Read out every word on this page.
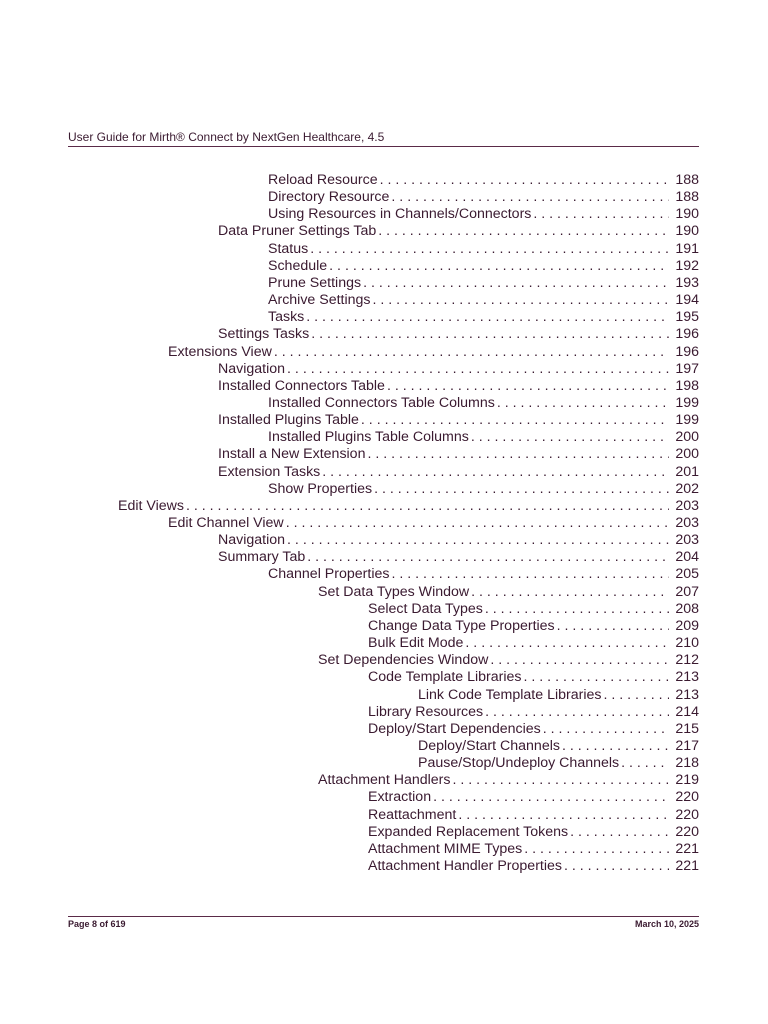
User Guide for Mirth® Connect by NextGen Healthcare, 4.5
Reload Resource . . .	188
Directory Resource . . .	188
Using Resources in Channels/Connectors . . .	190
Data Pruner Settings Tab . . .	190
Status . . .	191
Schedule . . .	192
Prune Settings . . .	193
Archive Settings . . .	194
Tasks . . .	195
Settings Tasks . . .	196
Extensions View . . .	196
Navigation . . .	197
Installed Connectors Table . . .	198
Installed Connectors Table Columns . . .	199
Installed Plugins Table . . .	199
Installed Plugins Table Columns . . .	200
Install a New Extension . . .	200
Extension Tasks . . .	201
Show Properties . . .	202
Edit Views . . .	203
Edit Channel View . . .	203
Navigation . . .	203
Summary Tab . . .	204
Channel Properties . . .	205
Set Data Types Window . . .	207
Select Data Types . . .	208
Change Data Type Properties . . .	209
Bulk Edit Mode . . .	210
Set Dependencies Window . . .	212
Code Template Libraries . . .	213
Link Code Template Libraries . . .	213
Library Resources . . .	214
Deploy/Start Dependencies . . .	215
Deploy/Start Channels . . .	217
Pause/Stop/Undeploy Channels . . .	218
Attachment Handlers . . .	219
Extraction . . .	220
Reattachment . . .	220
Expanded Replacement Tokens . . .	220
Attachment MIME Types . . .	221
Attachment Handler Properties . . .	221
Page 8 of 619	March 10, 2025
